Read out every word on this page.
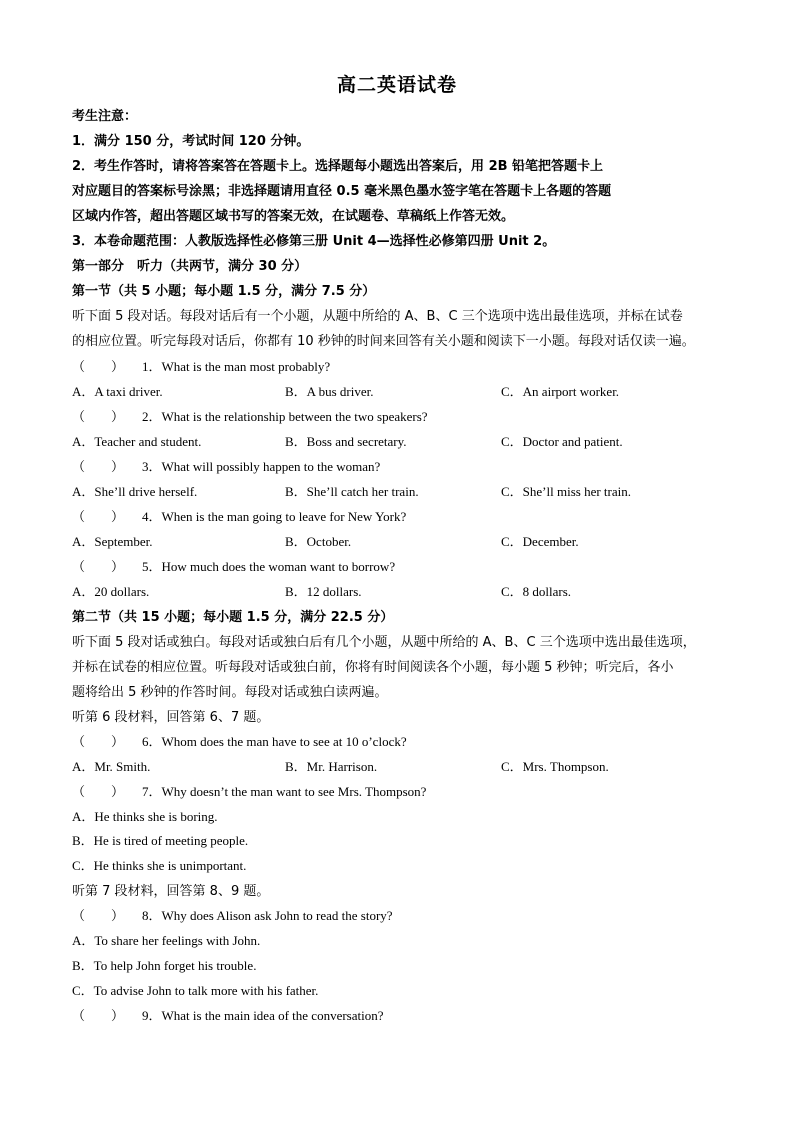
高二英语试卷
考生注意：
1．满分 150 分，考试时间 120 分钟。
2．考生作答时，请将答案答在答题卡上。选择题每小题选出答案后，用 2B 铅笔把答题卡上
对应题目的答案标号涂黑；非选择题请用直径 0.5 毫米黑色墨水签字笔在答题卡上各题的答题
区域内作答，超出答题区域书写的答案无效，在试题卷、草稿纸上作答无效。
3．本卷命题范围：人教版选择性必修第三册 Unit 4—选择性必修第四册 Unit 2。
第一部分　听力（共两节，满分 30 分）
第一节（共 5 小题；每小题 1.5 分，满分 7.5 分）
听下面 5 段对话。每段对话后有一个小题，从题中所给的 A、B、C 三个选项中选出最佳选项，并标在试卷
的相应位置。听完每段对话后，你都有 10 秒钟的时间来回答有关小题和阅读下一小题。每段对话仅读一遍。
（　　） 1．What is the man most probably?
A．A taxi driver.	B．A bus driver.	C．An airport worker.
（　　） 2．What is the relationship between the two speakers?
A．Teacher and student.	B．Boss and secretary.	C．Doctor and patient.
（　　） 3．What will possibly happen to the woman?
A．She’ll drive herself.	B．She’ll catch her train.	C．She’ll miss her train.
（　　） 4．When is the man going to leave for New York?
A．September.	B．October.	C．December.
（　　） 5．How much does the woman want to borrow?
A．20 dollars.	B．12 dollars.	C．8 dollars.
第二节（共 15 小题；每小题 1.5 分，满分 22.5 分）
听下面 5 段对话或独白。每段对话或独白后有几个小题，从题中所给的 A、B、C 三个选项中选出最佳选项，
并标在试卷的相应位置。听每段对话或独白前，你将有时间阅读各个小题，每小题 5 秒钟；听完后，各小
题将给出 5 秒钟的作答时间。每段对话或独白读两遍。
听第 6 段材料，回答第 6、7 题。
（　　） 6．Whom does the man have to see at 10 o’clock?
A．Mr. Smith.	B．Mr. Harrison.	C．Mrs. Thompson.
（　　） 7．Why doesn’t the man want to see Mrs. Thompson?
A．He thinks she is boring.
B．He is tired of meeting people.
C．He thinks she is unimportant.
听第 7 段材料，回答第 8、9 题。
（　　） 8．Why does Alison ask John to read the story?
A．To share her feelings with John.
B．To help John forget his trouble.
C．To advise John to talk more with his father.
（　　） 9．What is the main idea of the conversation?
